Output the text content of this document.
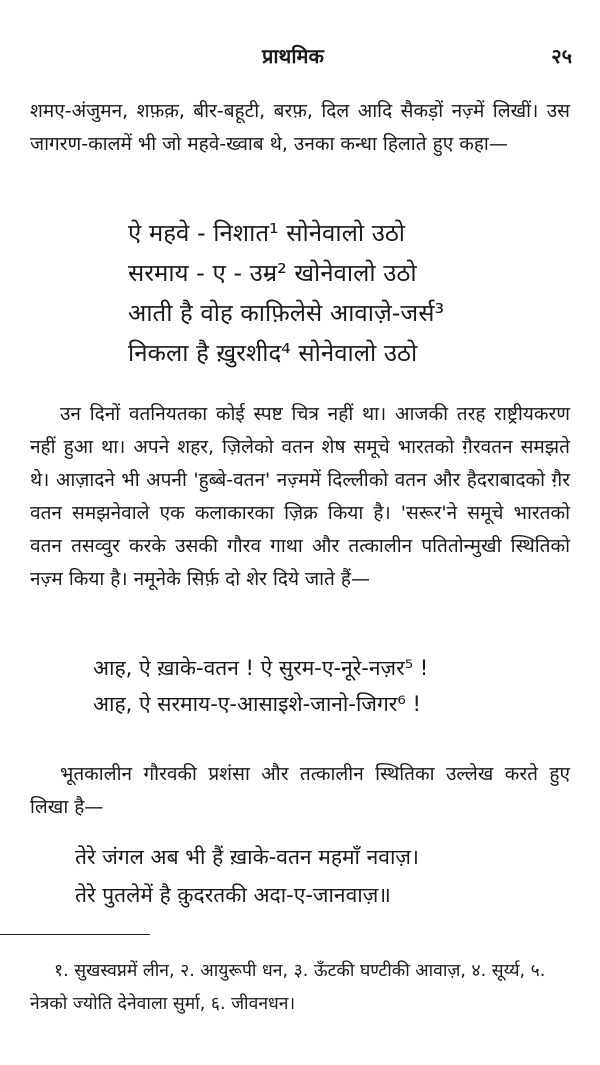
प्राथमिक	२५

शमए-अंजुमन, शफ़क़, बीर-बहूटी, बरफ़, दिल आदि सैकड़ों नज़्में लिखीं। उस जागरण-कालमें भी जो महवे-ख्वाब थे, उनका कन्धा हिलाते हुए कहा—

ऐ महवे - निशात¹ सोनेवालो उठो
सरमाय - ए - उम्र² खोनेवालो उठो
आती है वोह काफ़िलेसे आवाज़े-जर्स³
निकला है ख़ुरशीद⁴ सोनेवालो उठो

उन दिनों वतनियतका कोई स्पष्ट चित्र नहीं था। आजकी तरह राष्ट्रीयकरण नहीं हुआ था। अपने शहर, ज़िलेको वतन शेष समूचे भारतको ग़ैरवतन समझते थे। आज़ादने भी अपनी 'हुब्बे-वतन' नज़्ममें दिल्लीको वतन और हैदराबादको ग़ैर वतन समझनेवाले एक कलाकारका ज़िक्र किया है। 'सरूर'ने समूचे भारतको वतन तसव्वुर करके उसकी गौरव गाथा और तत्कालीन पतितोन्मुखी स्थितिको नज़्म किया है। नमूनेके सिर्फ़ दो शेर दिये जाते हैं—

आह, ऐ ख़ाके-वतन ! ऐ सुरम-ए-नूरे-नज़र⁵ !
आह, ऐ सरमाय-ए-आसाइशे-जानो-जिगर⁶ !

भूतकालीन गौरवकी प्रशंसा और तत्कालीन स्थितिका उल्लेख करते हुए लिखा है—

तेरे जंगल अब भी हैं ख़ाके-वतन महमाँ नवाज़।
तेरे पुतलेमें है क़ुदरतकी अदा-ए-जानवाज़॥

१. सुखस्वप्नमें लीन, २. आयुरूपी धन, ३. ऊँटकी घण्टीकी आवाज़, ४. सूर्य्य, ५. नेत्रको ज्योति देनेवाला सुर्मा, ६. जीवनधन।
